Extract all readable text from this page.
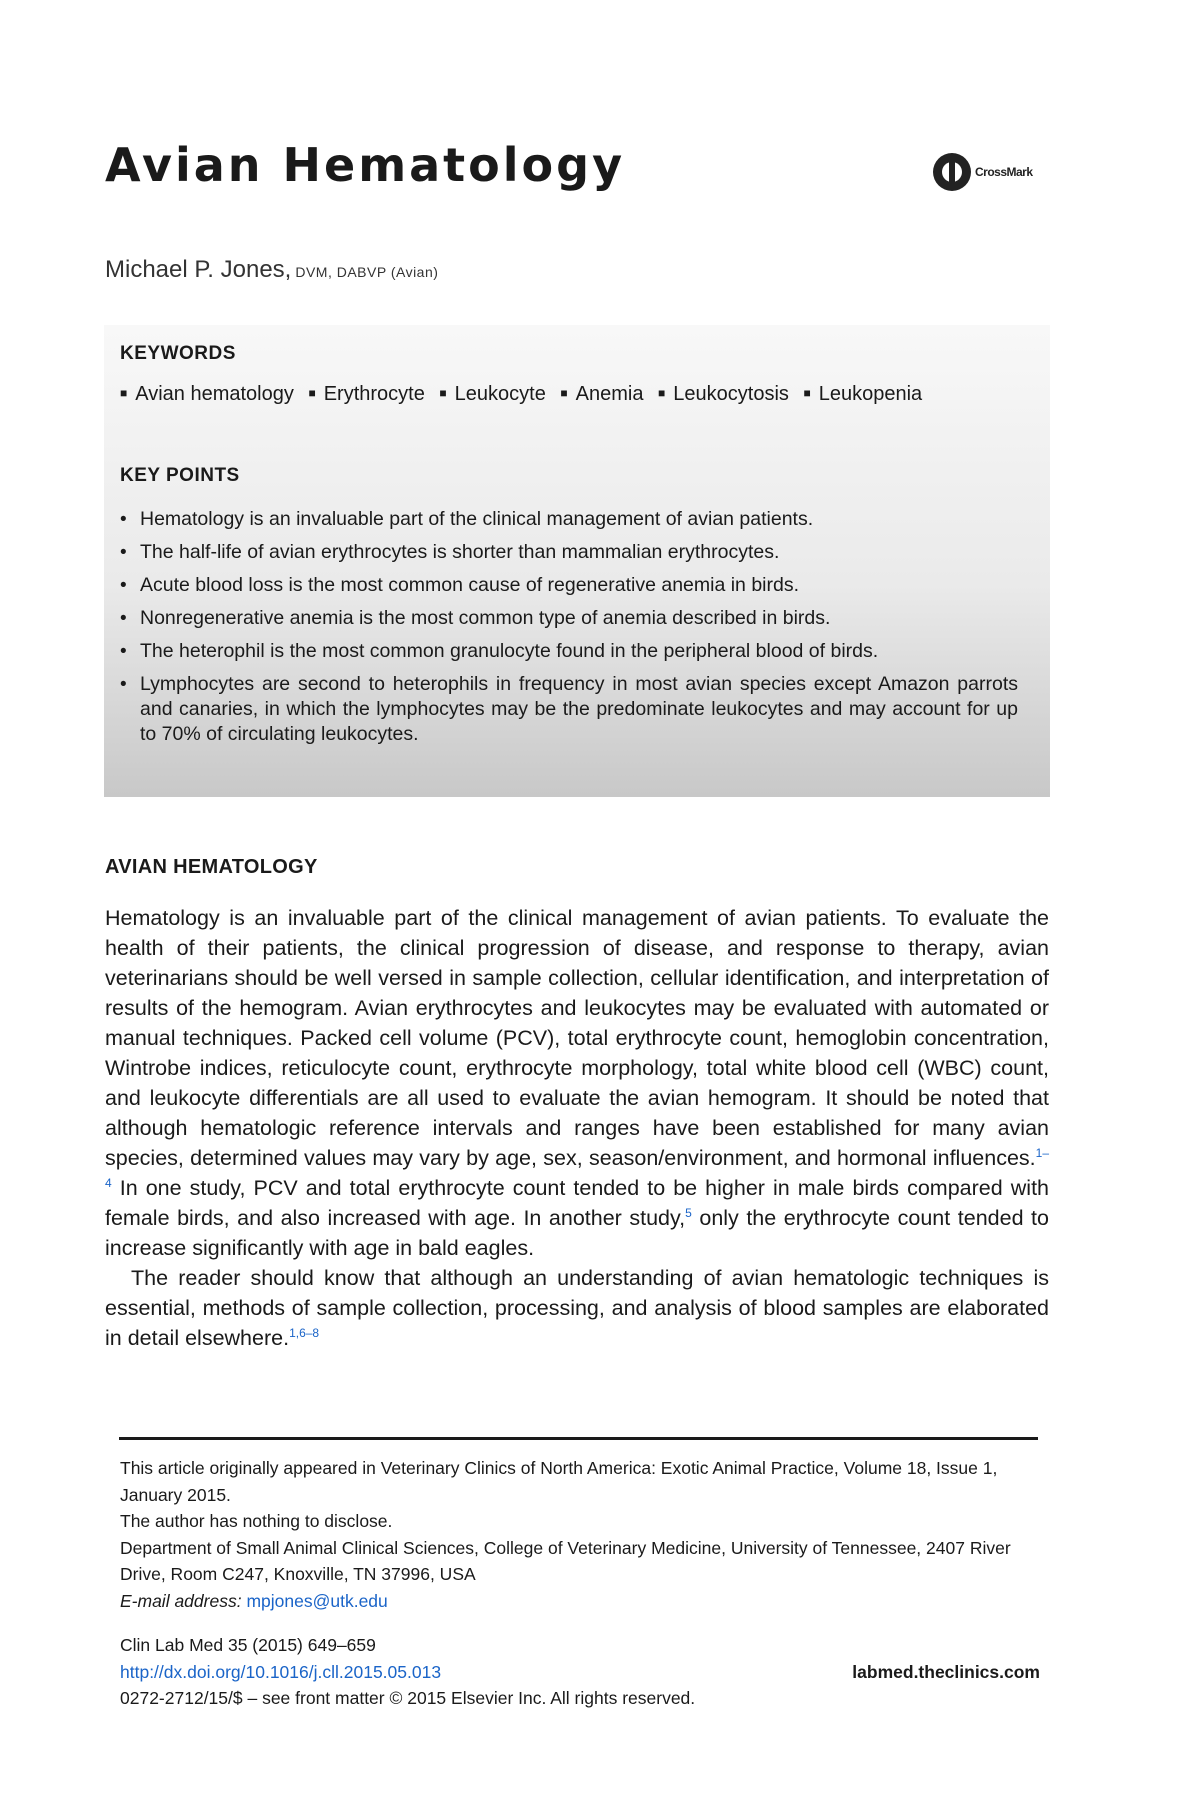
Avian Hematology	CrossMark
Michael P. Jones, DVM, DABVP (Avian)
KEYWORDS
■ Avian hematology ■ Erythrocyte ■ Leukocyte ■ Anemia ■ Leukocytosis ■ Leukopenia
KEY POINTS
• Hematology is an invaluable part of the clinical management of avian patients.
• The half-life of avian erythrocytes is shorter than mammalian erythrocytes.
• Acute blood loss is the most common cause of regenerative anemia in birds.
• Nonregenerative anemia is the most common type of anemia described in birds.
• The heterophil is the most common granulocyte found in the peripheral blood of birds.
• Lymphocytes are second to heterophils in frequency in most avian species except Amazon parrots and canaries, in which the lymphocytes may be the predominate leukocytes and may account for up to 70% of circulating leukocytes.
AVIAN HEMATOLOGY

Hematology is an invaluable part of the clinical management of avian patients. To evaluate the health of their patients, the clinical progression of disease, and response to therapy, avian veterinarians should be well versed in sample collection, cellular identification, and interpretation of results of the hemogram. Avian erythrocytes and leukocytes may be evaluated with automated or manual techniques. Packed cell volume (PCV), total erythrocyte count, hemoglobin concentration, Wintrobe indices, reticulocyte count, erythrocyte morphology, total white blood cell (WBC) count, and leukocyte differentials are all used to evaluate the avian hemogram. It should be noted that although hematologic reference intervals and ranges have been established for many avian species, determined values may vary by age, sex, season/environment, and hormonal influences.$^{1-4}$ In one study, PCV and total erythrocyte count tended to be higher in male birds compared with female birds, and also increased with age. In another study,$^5$ only the erythrocyte count tended to increase significantly with age in bald eagles.

The reader should know that although an understanding of avian hematologic techniques is essential, methods of sample collection, processing, and analysis of blood samples are elaborated in detail elsewhere.$^{1,6-8}$

This article originally appeared in Veterinary Clinics of North America: Exotic Animal Practice, Volume 18, Issue 1, January 2015.

The author has nothing to disclose.

Department of Small Animal Clinical Sciences, College of Veterinary Medicine, University of Tennessee, 2407 River Drive, Room C247, Knoxville, TN 37996, USA

E-mail address: mpjones@utk.edu

Clin Lab Med 35 (2015) 649–659

http://dx.doi.org/10.1016/j.cll.2015.05.013	labmed.theclinics.com

0272-2712/15/$ – see front matter © 2015 Elsevier Inc. All rights reserved.
